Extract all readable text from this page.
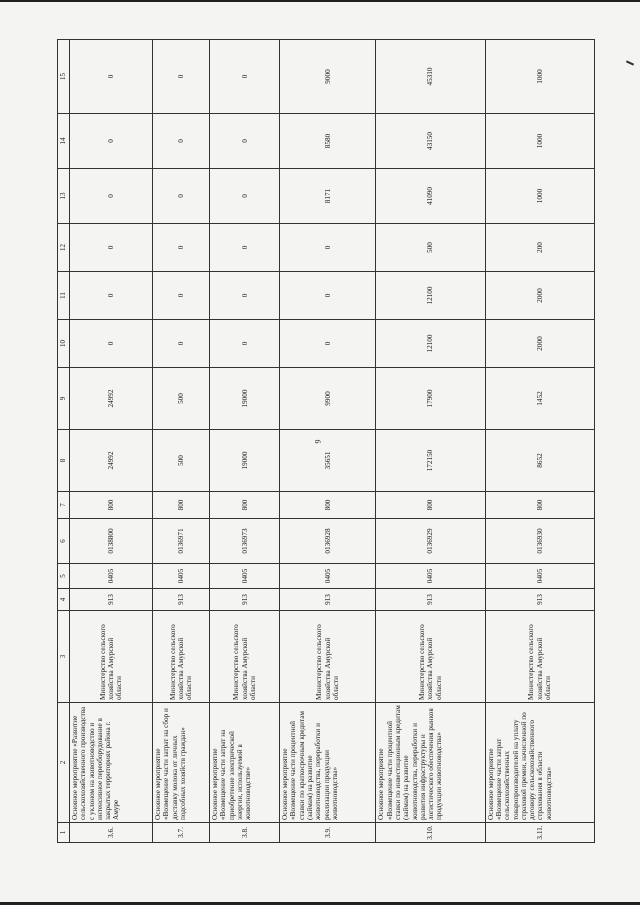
9
1	2	3	4	5	6	7	8	9	10	11	12	13	14	15
3.6.	Основное мероприятие «Развитие сельскохозяйственного производства с уклоном на животноводство и интенсивное переоборудование в закрытых территориях района г. Амуре	Министерство сельского хозяйства Амурской области	913	0405	0138800	800	24992	24992	0	0	0	0	0	0
3.7.	Основное мероприятие «Возмещение части затрат на сбор и доставку молока от личных подсобных хозяйств граждан»	Министерство сельского хозяйства Амурской области	913	0405	0136971	800	500	500	0	0	0	0	0	0
3.8.	Основное мероприятие «Возмещение части затрат на приобретение электрической энергии, используемой в животноводстве»	Министерство сельского хозяйства Амурской области	913	0405	0136973	800	19000	19000	0	0	0	0	0	0
3.9.	Основное мероприятие «Возмещение части процентной ставки по краткосрочным кредитам (займам) на развитие животноводства, переработки и реализации продукции животноводства»	Министерство сельского хозяйства Амурской области	913	0405	0136928	800	35651	9900	0	0	0	8171	8580	9000
3.10.	Основное мероприятие «Возмещение части процентной ставки по инвестиционным кредитам (займам) на развитие животноводства, переработки и развития инфраструктуры и логистического обеспечения рынков продукции животноводства»	Министерство сельского хозяйства Амурской области	913	0405	0136929	800	172150	17900	12100	12100	500	41090	43150	45310
3.11.	Основное мероприятие «Возмещение части затрат сельскохозяйственных товаропроизводителей на уплату страховой премии, начисленной по договору сельскохозяйственного страхования в области животноводства»	Министерство сельского хозяйства Амурской области	913	0405	0136930	800	8652	1452	2000	2000	200	1000	1000	1000
